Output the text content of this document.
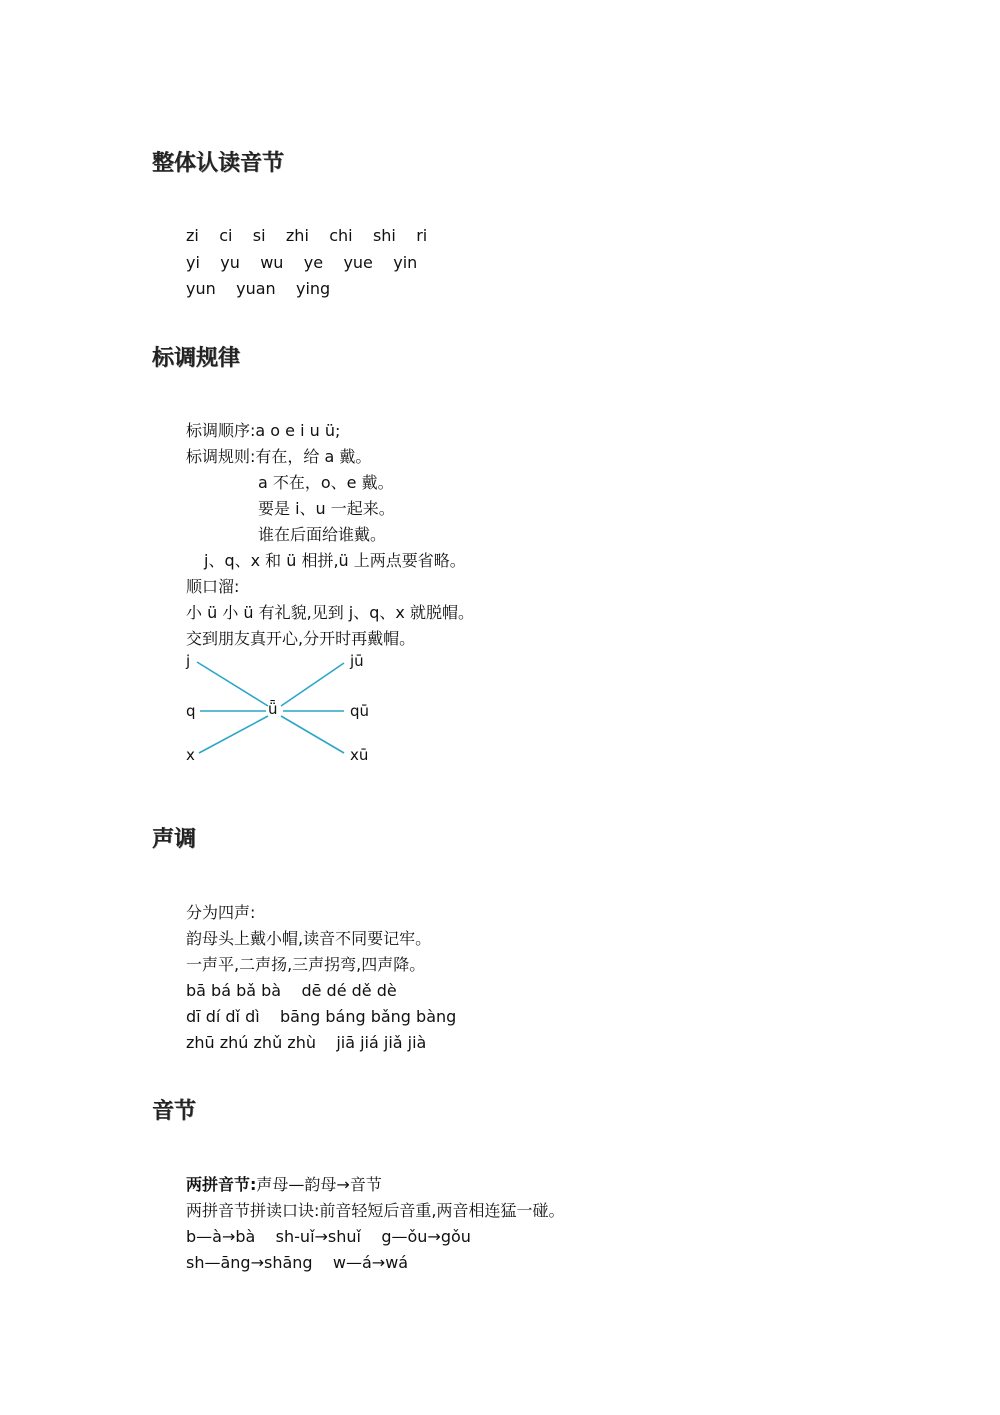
整体认读音节
zi    ci    si    zhi    chi    shi    ri
yi    yu    wu    ye    yue    yin
yun    yuan    ying
标调规律
标调顺序:a o e i u ü;
标调规则:有在，给 a 戴。
a 不在，o、e 戴。
要是 i、u 一起来。
谁在后面给谁戴。
j、q、x 和 ü 相拼,ü 上两点要省略。
顺口溜:
小 ü 小 ü 有礼貌,见到 j、q、x 就脱帽。
交到朋友真开心,分开时再戴帽。
j
q
x
ǖ
jū
qū
xū
声调
分为四声:
韵母头上戴小帽,读音不同要记牢。
一声平,二声扬,三声拐弯,四声降。
bā bá bǎ bà    dē dé dě dè
dī dí dǐ dì    bāng báng bǎng bàng
zhū zhú zhǔ zhù    jiā jiá jiǎ jià
音节
两拼音节:声母—韵母→音节
两拼音节拼读口诀:前音轻短后音重,两音相连猛一碰。
b—à→bà    sh-uǐ→shuǐ    g—ǒu→gǒu
sh—āng→shāng    w—á→wá
